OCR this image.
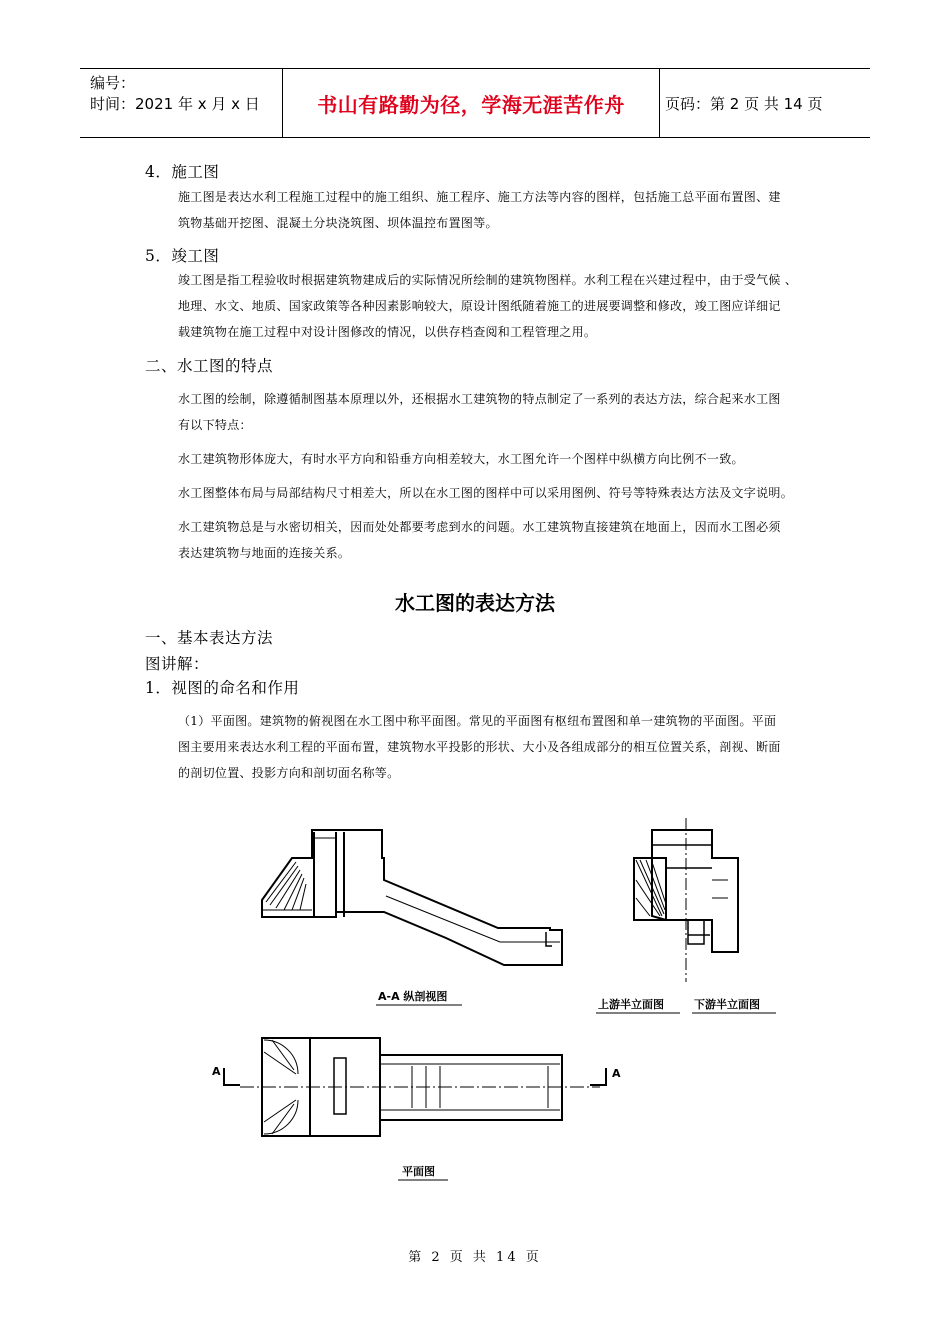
编号：
时间：2021 年 x 月 x 日	书山有路勤为径，学海无涯苦作舟	页码：第 2 页 共 14 页
4．施工图
施工图是表达水利工程施工过程中的施工组织、施工程序、施工方法等内容的图样，包括施工总平面布置图、建
筑物基础开挖图、混凝土分块浇筑图、坝体温控布置图等。
5．竣工图
竣工图是指工程验收时根据建筑物建成后的实际情况所绘制的建筑物图样。水利工程在兴建过程中，由于受气候 、
地理、水文、地质、国家政策等各种因素影响较大，原设计图纸随着施工的进展要调整和修改，竣工图应详细记
载建筑物在施工过程中对设计图修改的情况，以供存档查阅和工程管理之用。
二、水工图的特点
水工图的绘制，除遵循制图基本原理以外，还根据水工建筑物的特点制定了一系列的表达方法，综合起来水工图
有以下特点：
水工建筑物形体庞大，有时水平方向和铅垂方向相差较大，水工图允许一个图样中纵横方向比例不一致。
水工图整体布局与局部结构尺寸相差大，所以在水工图的图样中可以采用图例、符号等特殊表达方法及文字说明。
水工建筑物总是与水密切相关，因而处处都要考虑到水的问题。水工建筑物直接建筑在地面上，因而水工图必须
表达建筑物与地面的连接关系。
水工图的表达方法
一、基本表达方法
图讲解：
1．视图的命名和作用
（1）平面图。建筑物的俯视图在水工图中称平面图。常见的平面图有枢纽布置图和单一建筑物的平面图。平面
图主要用来表达水利工程的平面布置，建筑物水平投影的形状、大小及各组成部分的相互位置关系，剖视、断面
的剖切位置、投影方向和剖切面名称等。
A-A 纵剖视图
上游半立面图	下游半立面图
平面图
A	A
第 2 页 共 14 页
